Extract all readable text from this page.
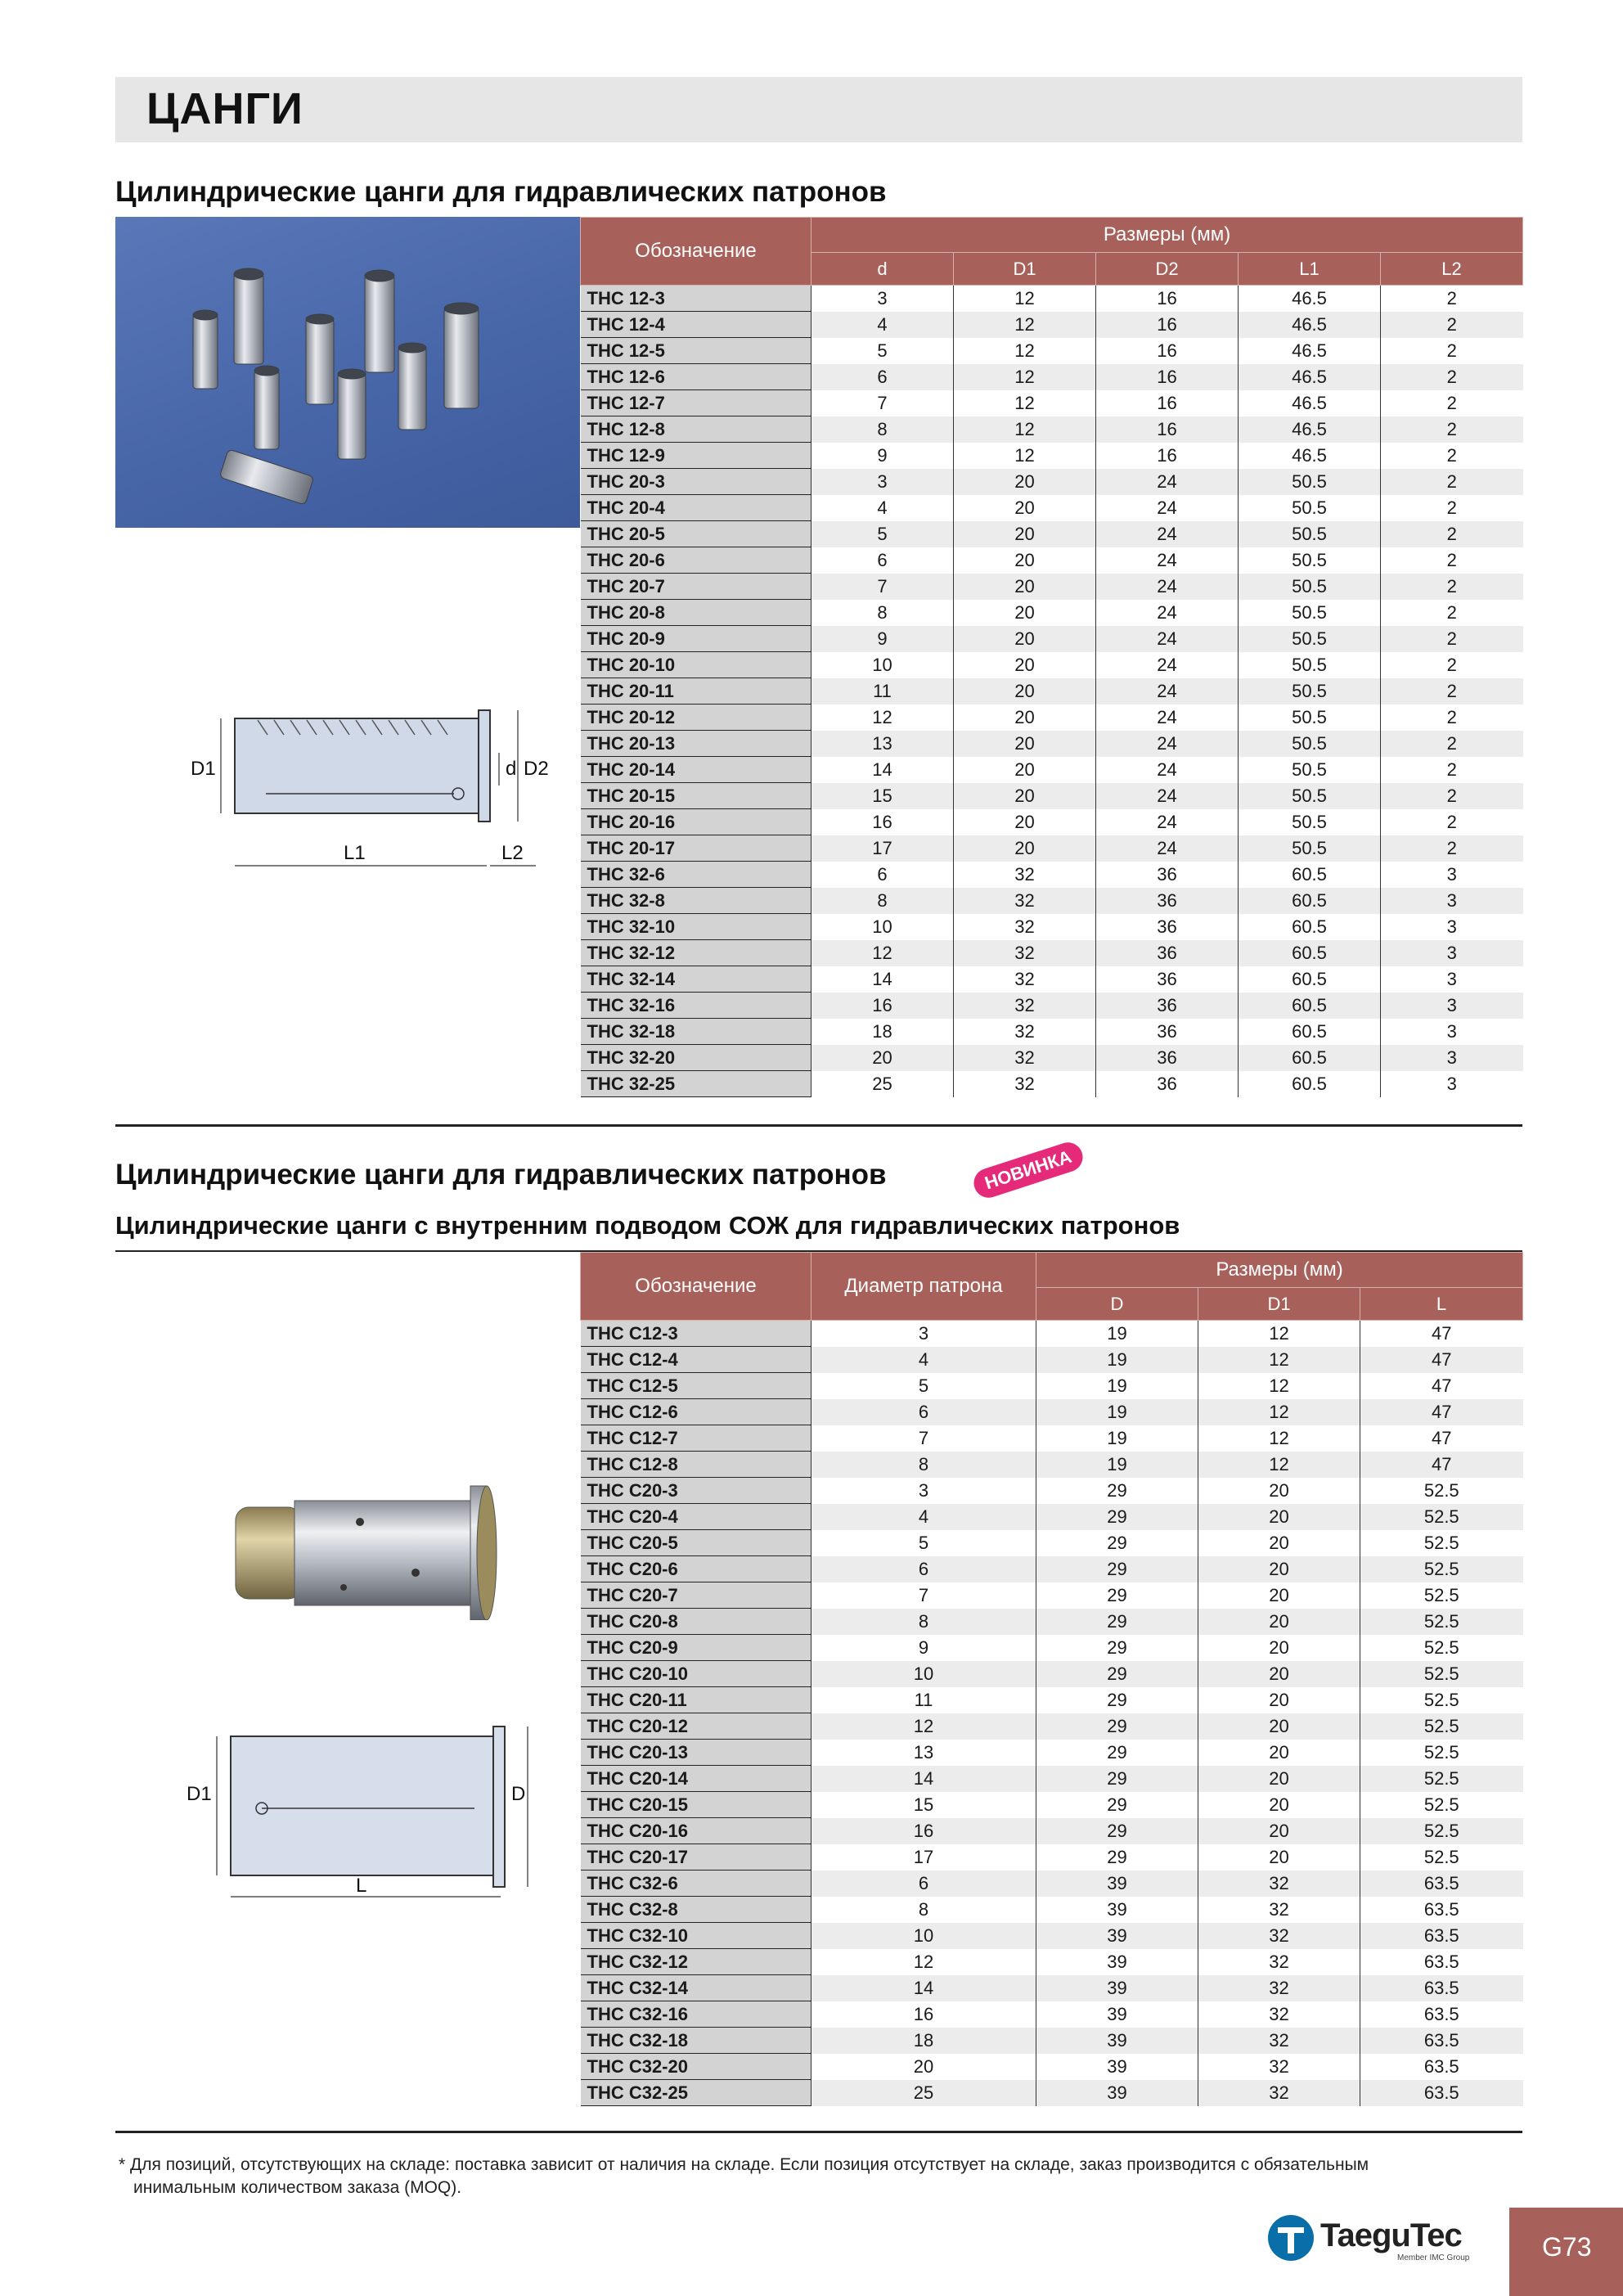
ЦАНГИ
Цилиндрические цанги для гидравлических патронов
D1	d D2
L1	L2
Обозначение	Размеры (мм)				
	d	D1	D2	L1	L2
THC 12-3	3	12	16	46.5	2
THC 12-4	4	12	16	46.5	2
THC 12-5	5	12	16	46.5	2
THC 12-6	6	12	16	46.5	2
THC 12-7	7	12	16	46.5	2
THC 12-8	8	12	16	46.5	2
THC 12-9	9	12	16	46.5	2
THC 20-3	3	20	24	50.5	2
THC 20-4	4	20	24	50.5	2
THC 20-5	5	20	24	50.5	2
THC 20-6	6	20	24	50.5	2
THC 20-7	7	20	24	50.5	2
THC 20-8	8	20	24	50.5	2
THC 20-9	9	20	24	50.5	2
THC 20-10	10	20	24	50.5	2
THC 20-11	11	20	24	50.5	2
THC 20-12	12	20	24	50.5	2
THC 20-13	13	20	24	50.5	2
THC 20-14	14	20	24	50.5	2
THC 20-15	15	20	24	50.5	2
THC 20-16	16	20	24	50.5	2
THC 20-17	17	20	24	50.5	2
THC 32-6	6	32	36	60.5	3
THC 32-8	8	32	36	60.5	3
THC 32-10	10	32	36	60.5	3
THC 32-12	12	32	36	60.5	3
THC 32-14	14	32	36	60.5	3
THC 32-16	16	32	36	60.5	3
THC 32-18	18	32	36	60.5	3
THC 32-20	20	32	36	60.5	3
THC 32-25	25	32	36	60.5	3
Цилиндрические цанги для гидравлических патронов	НОВИНКА
Цилиндрические цанги с внутренним подводом СОЖ для гидравлических патронов
D1	D
L
Обозначение	Диаметр патрона	Размеры (мм)		
		D	D1	L
THC C12-3	3	19	12	47
THC C12-4	4	19	12	47
THC C12-5	5	19	12	47
THC C12-6	6	19	12	47
THC C12-7	7	19	12	47
THC C12-8	8	19	12	47
THC C20-3	3	29	20	52.5
THC C20-4	4	29	20	52.5
THC C20-5	5	29	20	52.5
THC C20-6	6	29	20	52.5
THC C20-7	7	29	20	52.5
THC C20-8	8	29	20	52.5
THC C20-9	9	29	20	52.5
THC C20-10	10	29	20	52.5
THC C20-11	11	29	20	52.5
THC C20-12	12	29	20	52.5
THC C20-13	13	29	20	52.5
THC C20-14	14	29	20	52.5
THC C20-15	15	29	20	52.5
THC C20-16	16	29	20	52.5
THC C20-17	17	29	20	52.5
THC C32-6	6	39	32	63.5
THC C32-8	8	39	32	63.5
THC C32-10	10	39	32	63.5
THC C32-12	12	39	32	63.5
THC C32-14	14	39	32	63.5
THC C32-16	16	39	32	63.5
THC C32-18	18	39	32	63.5
THC C32-20	20	39	32	63.5
THC C32-25	25	39	32	63.5
* Для позиций, отсутствующих на складе: поставка зависит от наличия на складе. Если позиция отсутствует на складе, заказ производится с обязательным
инимальным количеством заказа (MOQ).
TaeguTec
Member IMC Group	G73
